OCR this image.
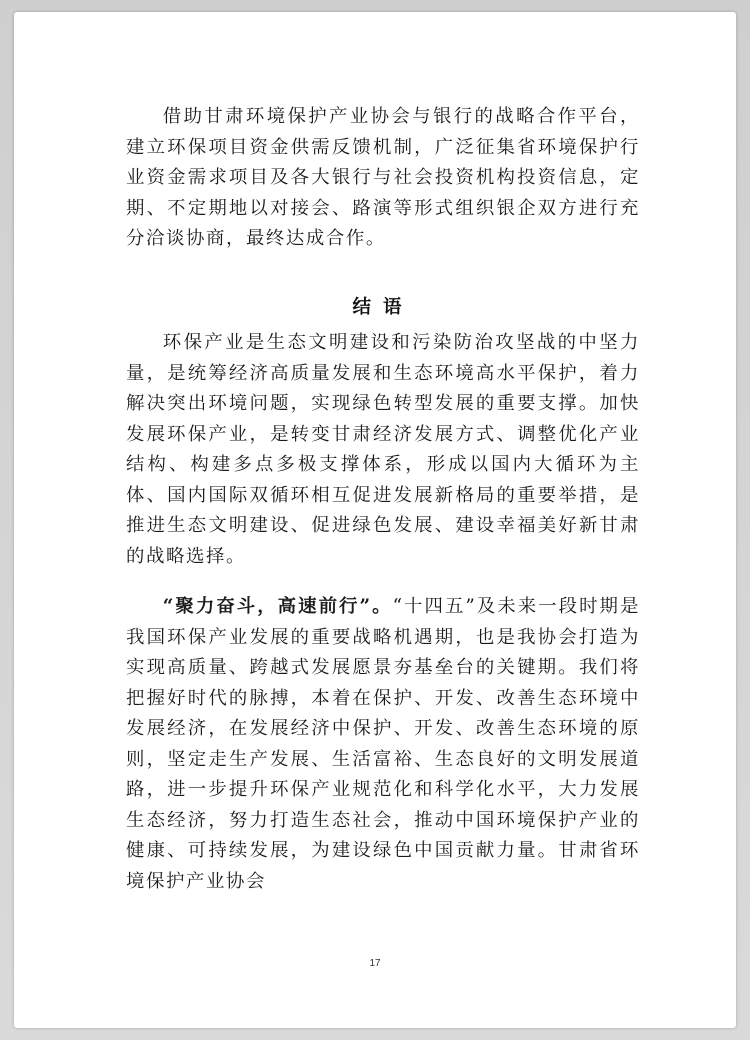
借助甘肃环境保护产业协会与银行的战略合作平台，建立环保项目资金供需反馈机制，广泛征集省环境保护行业资金需求项目及各大银行与社会投资机构投资信息，定期、不定期地以对接会、路演等形式组织银企双方进行充分洽谈协商，最终达成合作。

结语

环保产业是生态文明建设和污染防治攻坚战的中坚力量，是统筹经济高质量发展和生态环境高水平保护，着力解决突出环境问题，实现绿色转型发展的重要支撑。加快发展环保产业，是转变甘肃经济发展方式、调整优化产业结构、构建多点多极支撑体系，形成以国内大循环为主体、国内国际双循环相互促进发展新格局的重要举措，是推进生态文明建设、促进绿色发展、建设幸福美好新甘肃的战略选择。

“聚力奋斗，高速前行”。“十四五”及未来一段时期是我国环保产业发展的重要战略机遇期，也是我协会打造为实现高质量、跨越式发展愿景夯基垒台的关键期。我们将把握好时代的脉搏，本着在保护、开发、改善生态环境中发展经济，在发展经济中保护、开发、改善生态环境的原则，坚定走生产发展、生活富裕、生态良好的文明发展道路，进一步提升环保产业规范化和科学化水平，大力发展生态经济，努力打造生态社会，推动中国环境保护产业的健康、可持续发展，为建设绿色中国贡献力量。甘肃省环境保护产业协会

17
